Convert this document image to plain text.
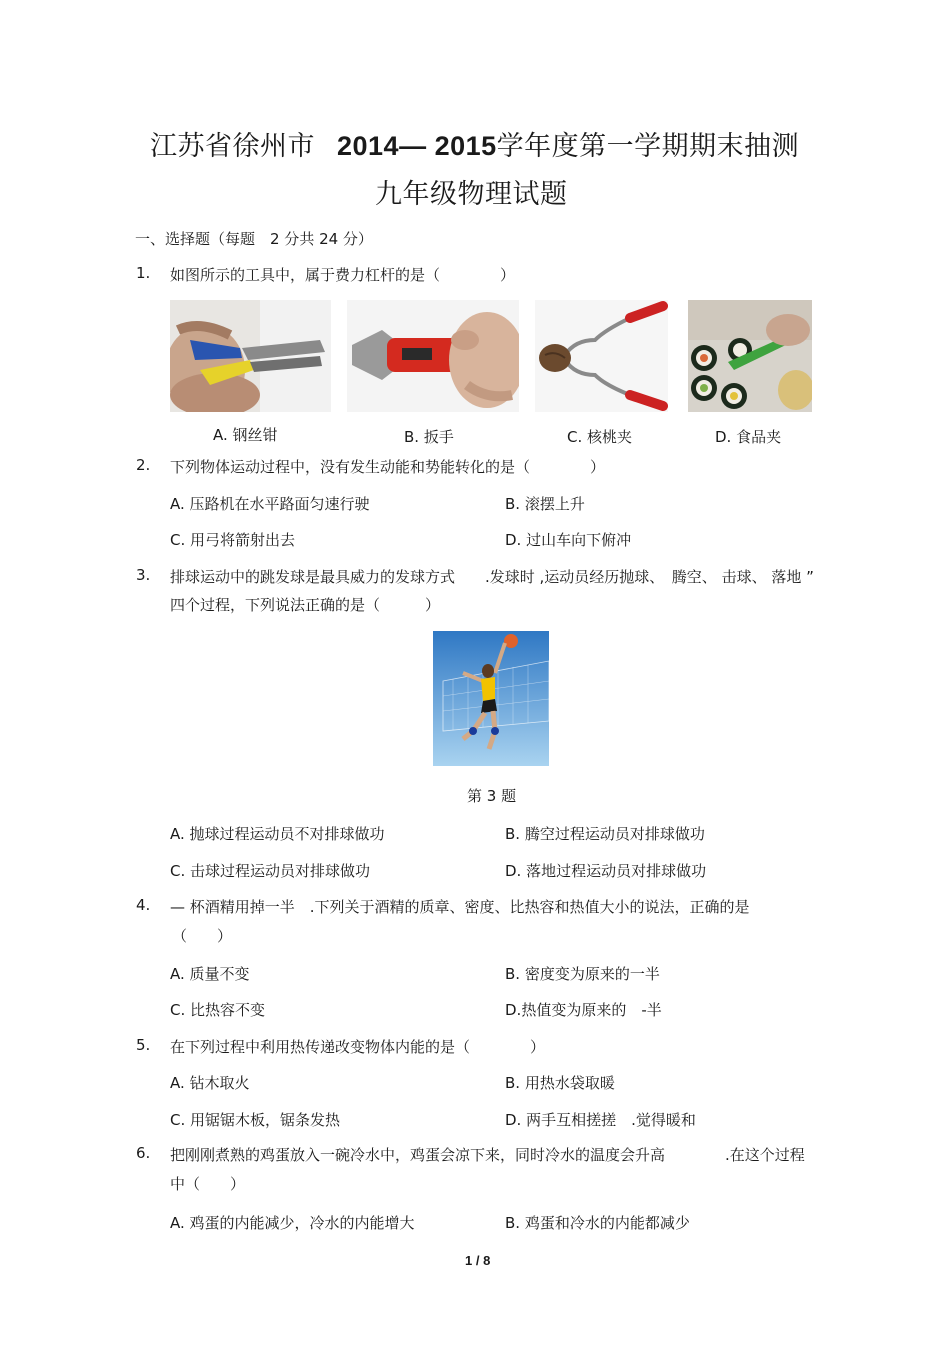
江苏省徐州市 2014— 2015学年度第一学期期末抽测
九年级物理试题
一、选择题（每题　2 分共 24 分）
1. 如图所示的工具中，属于费力杠杆的是（　　　　）
A. 钢丝钳	B. 扳手	C. 核桃夹	D. 食品夹
2. 下列物体运动过程中，没有发生动能和势能转化的是（　　　　）
A. 压路机在水平路面匀速行驶	B. 滚摆上升
C. 用弓将箭射出去	D. 过山车向下俯冲
3. 排球运动中的跳发球是最具威力的发球方式　　.发球时 ,运动员经历抛球、　腾空、 击球、 落地 ”
四个过程，下列说法正确的是（　　　）
第 3 题
A. 抛球过程运动员不对排球做功	B. 腾空过程运动员对排球做功
C. 击球过程运动员对排球做功	D. 落地过程运动员对排球做功
4. — 杯酒精用掉一半　.下列关于酒精的质章、密度、比热容和热值大小的说法，正确的是
（　　）
A. 质量不变	B. 密度变为原来的一半
C. 比热容不变	D.热值变为原来的　-半
5. 在下列过程中利用热传递改变物体内能的是（　　　　）
A. 钻木取火	B. 用热水袋取暖
C. 用锯锯木板，锯条发热	D. 两手互相搓搓　.觉得暖和
6. 把刚刚煮熟的鸡蛋放入一碗冷水中，鸡蛋会凉下来，同时冷水的温度会升高　　　　.在这个过程
中（　　）
A. 鸡蛋的内能减少，冷水的内能增大	B. 鸡蛋和冷水的内能都减少
1 / 8
